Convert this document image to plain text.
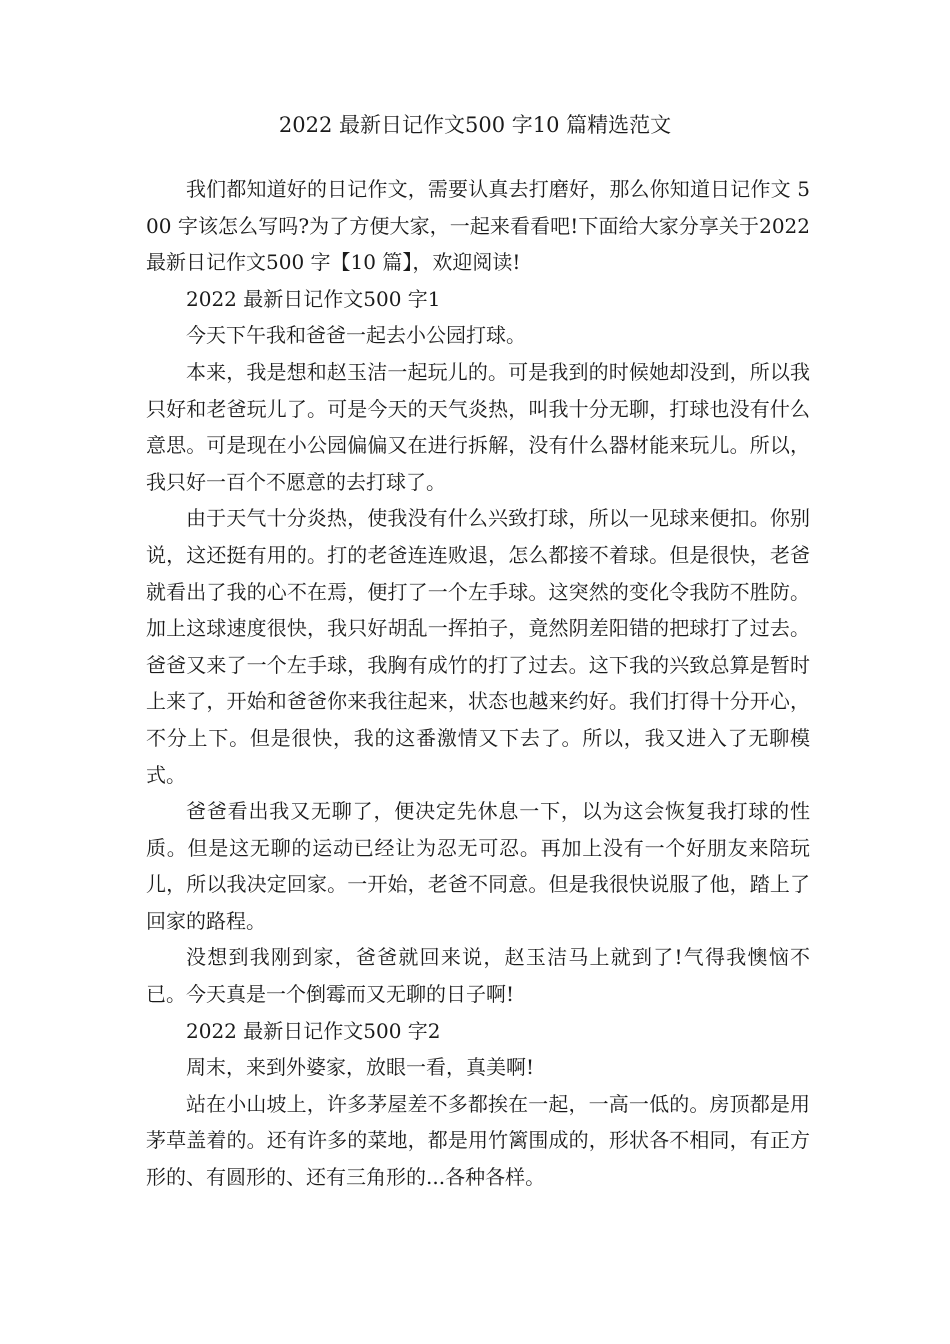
2022 最新日记作文500 字10 篇精选范文

我们都知道好的日记作文，需要认真去打磨好，那么你知道日记作文 500 字该怎么写吗?为了方便大家，一起来看看吧!下面给大家分享关于2022 最新日记作文500 字【10 篇】，欢迎阅读!

2022 最新日记作文500 字1

今天下午我和爸爸一起去小公园打球。

本来，我是想和赵玉洁一起玩儿的。可是我到的时候她却没到，所以我只好和老爸玩儿了。可是今天的天气炎热，叫我十分无聊，打球也没有什么意思。可是现在小公园偏偏又在进行拆解，没有什么器材能来玩儿。所以，我只好一百个不愿意的去打球了。

由于天气十分炎热，使我没有什么兴致打球，所以一见球来便扣。你别说，这还挺有用的。打的老爸连连败退，怎么都接不着球。但是很快，老爸就看出了我的心不在焉，便打了一个左手球。这突然的变化令我防不胜防。加上这球速度很快，我只好胡乱一挥拍子，竟然阴差阳错的把球打了过去。爸爸又来了一个左手球，我胸有成竹的打了过去。这下我的兴致总算是暂时上来了，开始和爸爸你来我往起来，状态也越来约好。我们打得十分开心，不分上下。但是很快，我的这番激情又下去了。所以，我又进入了无聊模式。

爸爸看出我又无聊了，便决定先休息一下，以为这会恢复我打球的性质。但是这无聊的运动已经让为忍无可忍。再加上没有一个好朋友来陪玩儿，所以我决定回家。一开始，老爸不同意。但是我很快说服了他，踏上了回家的路程。

没想到我刚到家，爸爸就回来说，赵玉洁马上就到了!气得我懊恼不已。今天真是一个倒霉而又无聊的日子啊!

2022 最新日记作文500 字2

周末，来到外婆家，放眼一看，真美啊!

站在小山坡上，许多茅屋差不多都挨在一起，一高一低的。房顶都是用茅草盖着的。还有许多的菜地，都是用竹篱围成的，形状各不相同，有正方形的、有圆形的、还有三角形的...各种各样。
